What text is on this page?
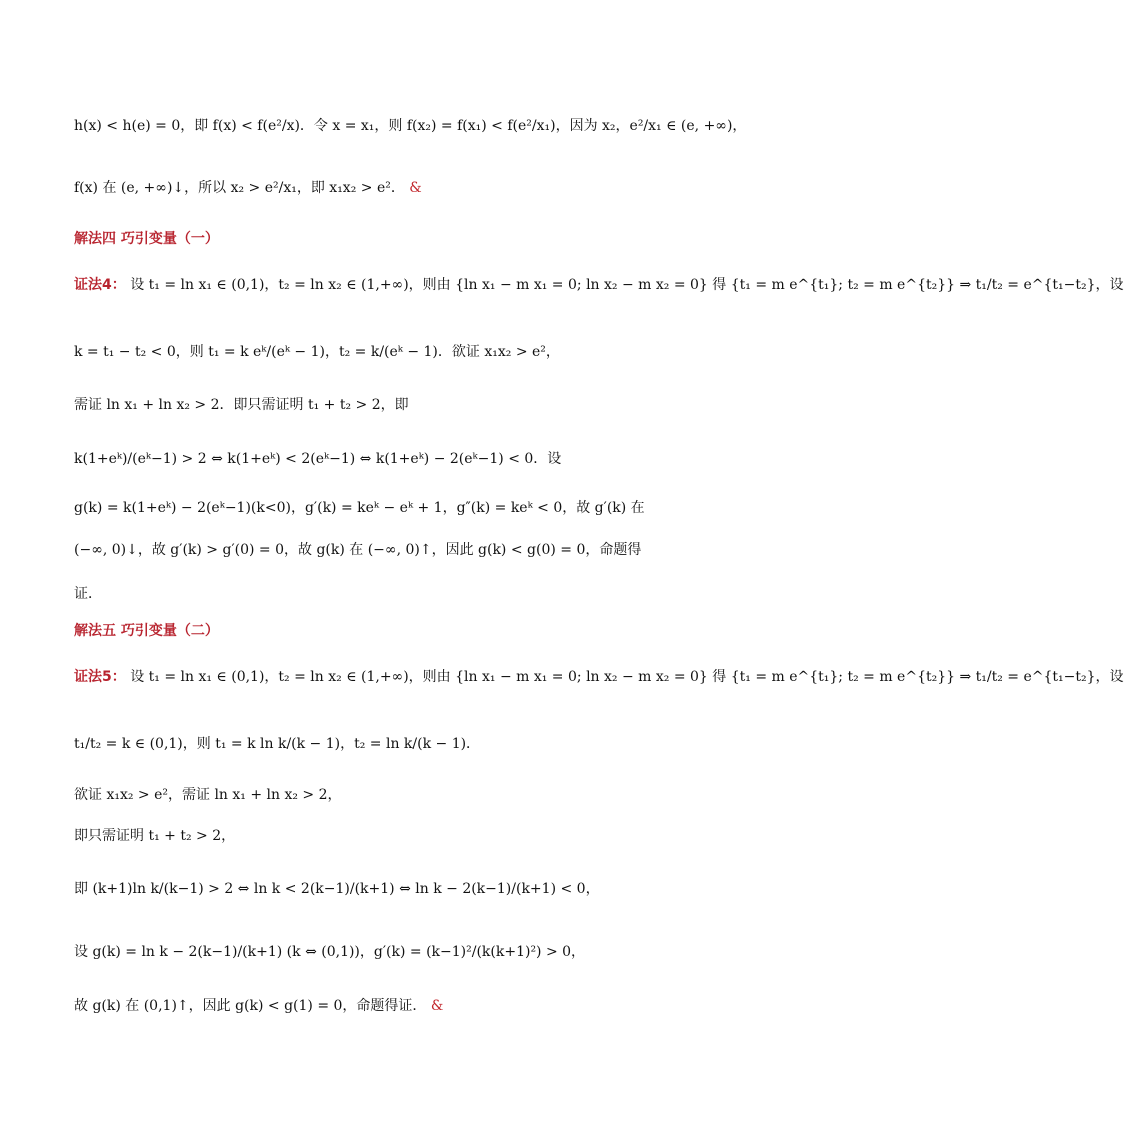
h(x) < h(e) = 0，即 f(x) < f(e²/x)．令 x = x₁，则 f(x₂) = f(x₁) < f(e²/x₁)，因为 x₂，e²/x₁ ∈ (e, +∞)，
f(x) 在 (e, +∞)↓，所以 x₂ > e²/x₁，即 x₁x₂ > e²． &
解法四 巧引变量（一）
证法4： 设 t₁ = ln x₁ ∈ (0,1)，t₂ = ln x₂ ∈ (1,+∞)，则由 {ln x₁ − m x₁ = 0; ln x₂ − m x₂ = 0} 得 {t₁ = m e^{t₁}; t₂ = m e^{t₂}} ⇒ t₁/t₂ = e^{t₁−t₂}，设
k = t₁ − t₂ < 0，则 t₁ = k eᵏ/(eᵏ − 1)，t₂ = k/(eᵏ − 1)．欲证 x₁x₂ > e²，
需证 ln x₁ + ln x₂ > 2．即只需证明 t₁ + t₂ > 2，即
k(1+eᵏ)/(eᵏ−1) > 2 ⇔ k(1+eᵏ) < 2(eᵏ−1) ⇔ k(1+eᵏ) − 2(eᵏ−1) < 0．设
g(k) = k(1+eᵏ) − 2(eᵏ−1)(k<0)，g′(k) = keᵏ − eᵏ + 1，g″(k) = keᵏ < 0，故 g′(k) 在
(−∞, 0)↓，故 g′(k) > g′(0) = 0，故 g(k) 在 (−∞, 0)↑，因此 g(k) < g(0) = 0，命题得
证．
解法五 巧引变量（二）
证法5： 设 t₁ = ln x₁ ∈ (0,1)，t₂ = ln x₂ ∈ (1,+∞)，则由 {ln x₁ − m x₁ = 0; ln x₂ − m x₂ = 0} 得 {t₁ = m e^{t₁}; t₂ = m e^{t₂}} ⇒ t₁/t₂ = e^{t₁−t₂}，设
t₁/t₂ = k ∈ (0,1)，则 t₁ = k ln k/(k − 1)，t₂ = ln k/(k − 1)．
欲证 x₁x₂ > e²，需证 ln x₁ + ln x₂ > 2，
即只需证明 t₁ + t₂ > 2，
即 (k+1)ln k/(k−1) > 2 ⇔ ln k < 2(k−1)/(k+1) ⇔ ln k − 2(k−1)/(k+1) < 0，
设 g(k) = ln k − 2(k−1)/(k+1) (k ⇔ (0,1))，g′(k) = (k−1)²/(k(k+1)²) > 0，
故 g(k) 在 (0,1)↑，因此 g(k) < g(1) = 0，命题得证． &
